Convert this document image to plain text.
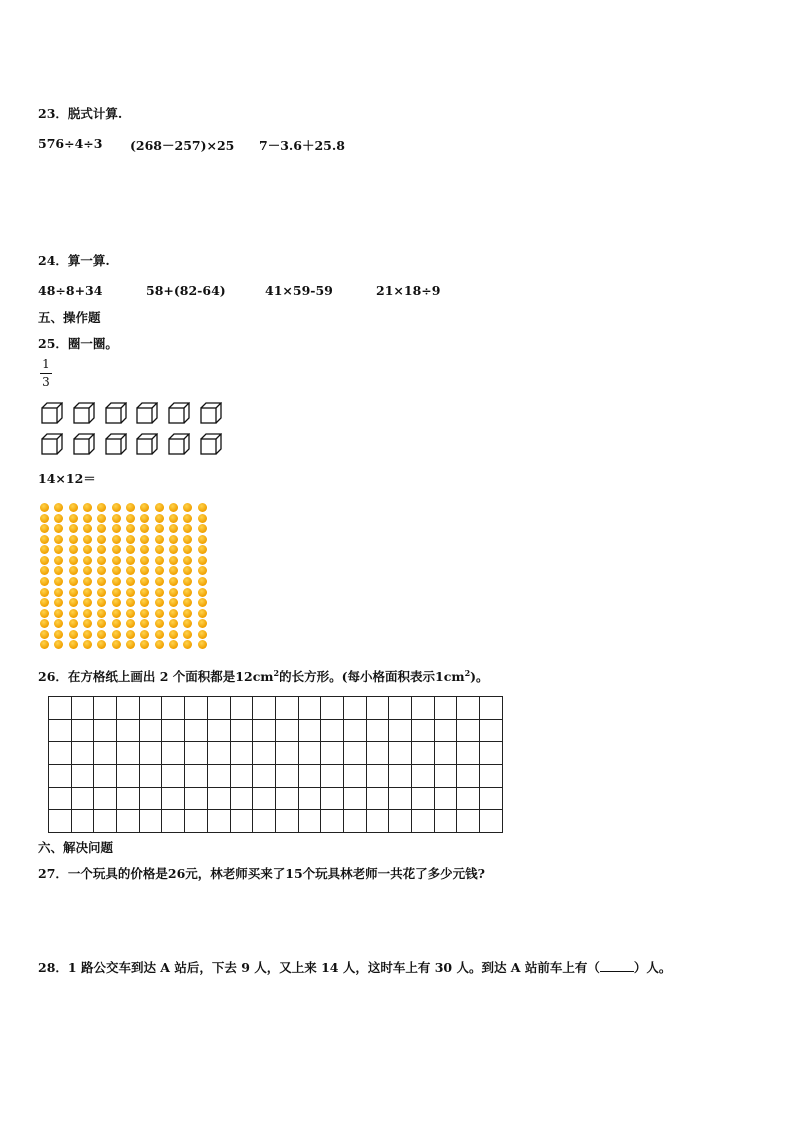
23．脱式计算.
576÷4÷3 (268－257)×25 7－3.6＋25.8
24．算一算.
48÷8+34	58+(82-64)	41×59-59	21×18÷9
五、操作题
25．圈一圈。
1
3
14×12＝
26．在方格纸上画出 2 个面积都是$12cm^2$的长方形。(每小格面积表示$1cm^2$)。

六、解决问题
27．一个玩具的价格是26元，林老师买来了15个玩具林老师一共花了多少元钱?
28．1 路公交车到达 A 站后，下去 9 人，又上来 14 人，这时车上有 30 人。到达 A 站前车上有（	）人。
